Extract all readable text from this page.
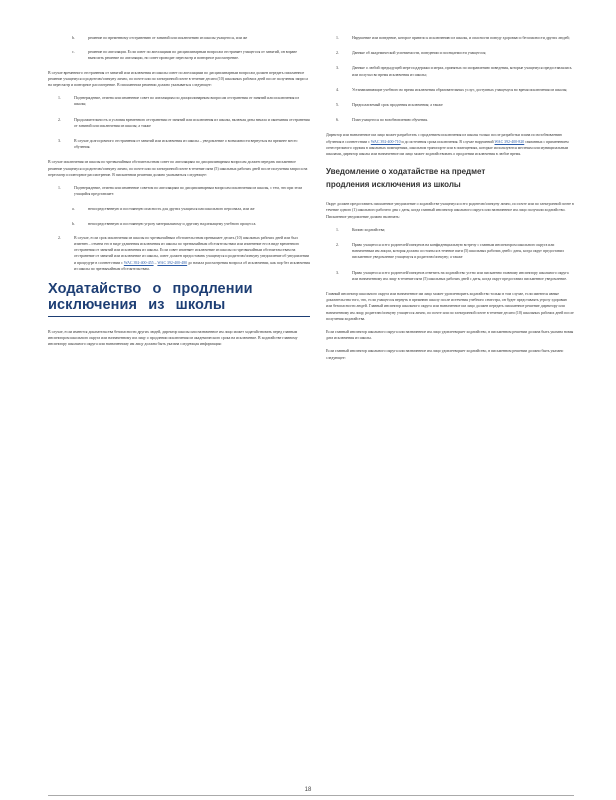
b.	решение по временному отстранению от занятий или исключению из школы учащегося, или же
c.	решение по апелляции. Если совет по апелляциям по дисциплинарным вопросам отстраняет учащегося от занятий, он вправе выносить решение по апелляции, но совет проводит пересмотр и повторное рассмотрение.

В случае временного отстранения от занятий или исключения из школы совет по апелляциям по дисциплинарным вопросам должен передать письменное решение учащемуся и родителю/опекуну лично, по почте или по электронной почте в течение десяти (10) школьных рабочих дней после получения запроса на пересмотр и повторное рассмотрение. В письменном решении должно указываться следующее:

1.	Подтверждение, отмена или изменение совет по апелляциям по дисциплинарным вопросам отстранения от занятий или исключения из школы;
2.	Продолжительность и условия временного отстранения от занятий или исключения из школы, включая даты начала и окончания отстранения от занятий или исключения из школы; а также
3.	В случае долгосрочного отстранения от занятий или исключения из школы – уведомление о возможности вернуться на прежнее место обучения.

В случае исключения из школы по чрезвычайным обстоятельствам совет по апелляциям по дисциплинарным вопросам должен передать письменное решение учащемуся и родителю/опекуну лично, по почте или по электронной почте в течение пяти (5) школьных рабочих дней после получения запроса на пересмотр и повторное рассмотрение. В письменном решении должно указываться следующее:

1.	Подтверждение, отмена или изменение советом по апелляциям по дисциплинарным вопросам исключения из школы, с тем, что при этом учащийся представляет:
a.	непосредственную и постоянную опасность для других учащихся или школьного персонала, или же
b.	непосредственную и постоянную угрозу материальному и другому надлежащему учебного процесса.
2.	В случае, если срок исключения из школы по чрезвычайным обстоятельствам превышает десять (10) школьных рабочих дней или был изменен – отмена его в виде удлинения исключения из школы по чрезвычайным обстоятельствам или изменение его в виде временного отстранения от занятий или исключения из школы. Если совет изменяет исключение из школы по чрезвычайным обстоятельствам на отстранение от занятий или исключение из школы, совет должен предоставить учащемуся и родителю/опекуну уведомление об уведомлении и процедуре в соответствии с WAC 392-400-455 – WAC 392-400-480 до начала рассмотрения вопроса об исключении, как пор без исключения из школы по чрезвычайным обстоятельствам.
Ходатайство о продлении исключения из школы

В случае, если имеются доказательства безопасности других людей, директор школы или назначенное им лицо может ходатайствовать перед главным инспектором школьного округа или назначенному им лицу о продлении исключения из академического срока на исключение. В ходатайстве главному инспектору школьного округа или назначенному им лицу должна быть указана следующая информация:

1.	Нарушение или поведение, которое привело к исключению из школы, и опасности поведу здоровью и безопасности других людей;
2.	Данные об академической успеваемости, поведении и посещаемости учащегося;
3.	Данные о любой предыдущей мере поддержки и мерах, принятых по исправлению поведения, которые учащемуся предоставлялись или получал во время исключения из школы;
4.	Устанавливающие учебного во время исключения образовательных услуг, доступных учащемуся во время исключения из школы;
5.	Предполагаемый срок продления исключения; а также
6.	План учащегося по возобновлению обучения.

Директор или назначенное им лицо может разработать с продлением исключения из школы только после разработки плана по возобновлению обучения в соответствии с WAC 392-400-710 и до истечения срока исключения. В случае нарушений WAC 392-400-820 связанных с применением огнестрельного оружия в школьных помещениях, школьном транспорте или в помещениях, которые используются местным или муниципальным школами, директор школы или назначенное им лицо может ходатайствовать о продлении исключения в любое время.

Уведомление о ходатайстве на предмет продления исключения из школы

Округ должен предоставить письменное уведомление о ходатайстве учащемуся и его родителю/опекуну лично, по почте или по электронной почте в течение одного (1) школьного рабочего дня с даты, когда главный инспектор школьного округа или назначенное им лицо получили ходатайство. Письменное уведомление должно включать:

1.	Копию ходатайства;
2.	Право учащегося и его родителей/опекунов на конфиденциальную встречу с главным инспектором школьного округа или назначенным им лицом, которая должна состояться в течение пяти (5) школьных рабочих дней с даты, когда округ предоставил письменное уведомление учащемуся и родителю/опекуну; а также
3.	Право учащегося и его родителей/опекунов ответить на ходатайство устно или письменно главному инспектору школьного округа или назначенному им лицу в течение пяти (5) школьных рабочих дней с даты, когда округ предоставил письменное уведомление.

Главный инспектор школьного округа или назначенное им лицо может удовлетворить ходатайство только в том случае, если имеются явные доказательства того, что, если учащегося вернуть в прежнюю школу после истечения учебного семестра, он будет представлять угрозу здоровью или безопасности людей. Главный инспектор школьного округа или назначенное им лицо должен передать письменное решение директору или назначенному им лицу, родителю/опекуну учащегося лично, по почте или по электронной почте в течение десяти (10) школьных рабочих дней после получения ходатайства.

Если главный инспектор школьного округа или назначенное им лицо удовлетворяет ходатайство, в письменном решении должна быть указана новая дата исключения из школы.

Если главный инспектор школьного округа или назначенное им лицо удовлетворяет ходатайство, в письменном решении должно быть указано следующее:

18
